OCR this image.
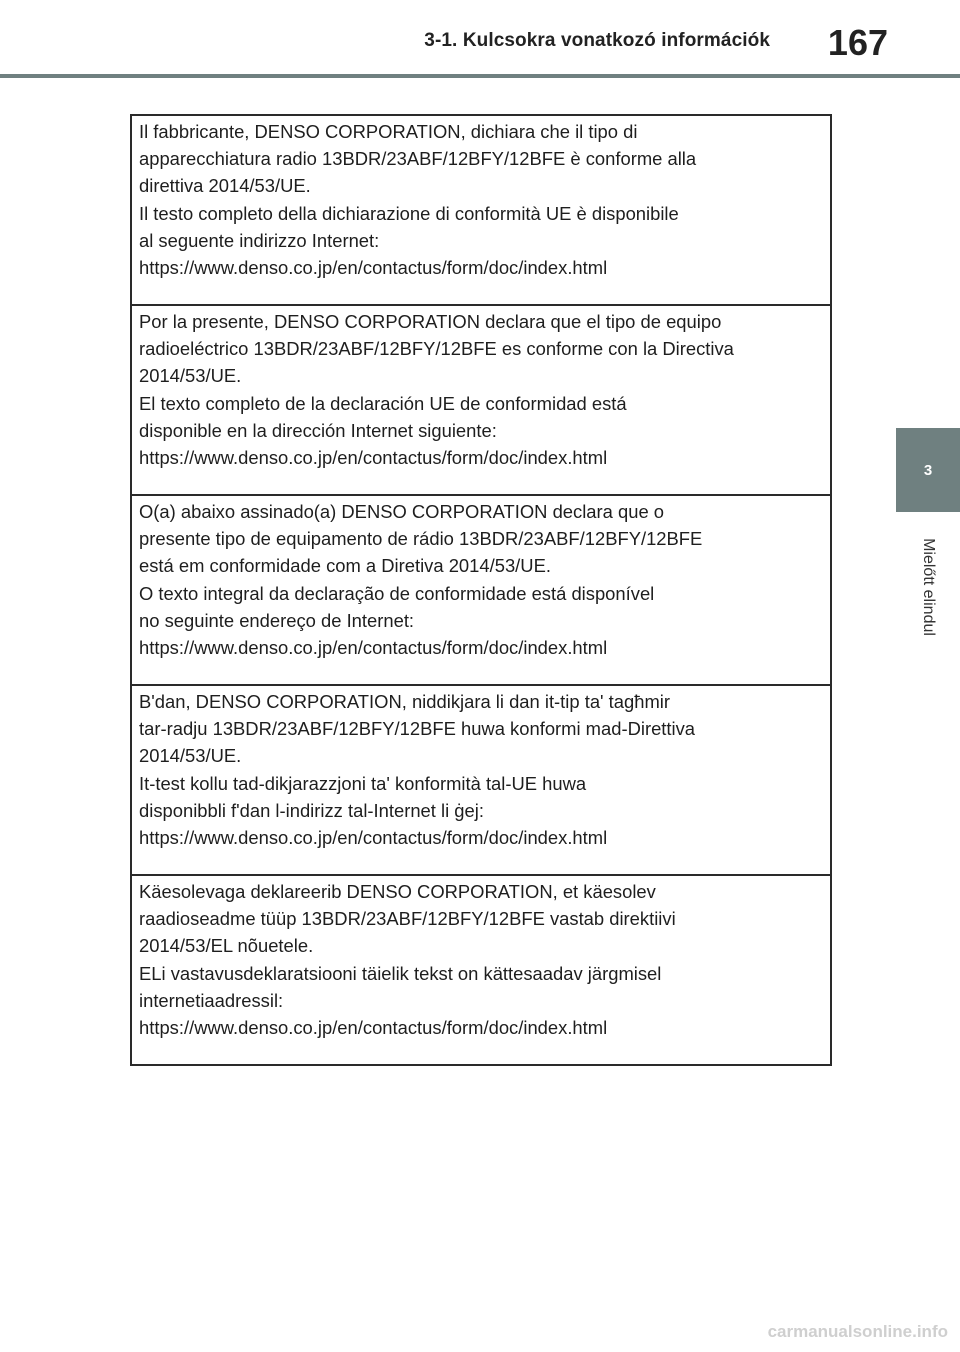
3-1. Kulcsokra vonatkozó információk 167
3
Mielőtt elindul
Il fabbricante, DENSO CORPORATION, dichiara che il tipo di
apparecchiatura radio 13BDR/23ABF/12BFY/12BFE è conforme alla
direttiva 2014/53/UE.
Il testo completo della dichiarazione di conformità UE è disponibile
al seguente indirizzo Internet:
https://www.denso.co.jp/en/contactus/form/doc/index.html
Por la presente, DENSO CORPORATION declara que el tipo de equipo
radioeléctrico 13BDR/23ABF/12BFY/12BFE es conforme con la Directiva
2014/53/UE.
El texto completo de la declaración UE de conformidad está
disponible en la dirección Internet siguiente:
https://www.denso.co.jp/en/contactus/form/doc/index.html
O(a) abaixo assinado(a) DENSO CORPORATION declara que o
presente tipo de equipamento de rádio 13BDR/23ABF/12BFY/12BFE
está em conformidade com a Diretiva 2014/53/UE.
O texto integral da declaração de conformidade está disponível
no seguinte endereço de Internet:
https://www.denso.co.jp/en/contactus/form/doc/index.html
B'dan, DENSO CORPORATION, niddikjara li dan it-tip ta' tagħmir
tar-radju 13BDR/23ABF/12BFY/12BFE huwa konformi mad-Direttiva
2014/53/UE.
It-test kollu tad-dikjarazzjoni ta' konformità tal-UE huwa
disponibbli f'dan l-indirizz tal-Internet li ġej:
https://www.denso.co.jp/en/contactus/form/doc/index.html
Käesolevaga deklareerib DENSO CORPORATION, et käesolev
raadioseadme tüüp 13BDR/23ABF/12BFY/12BFE vastab direktiivi
2014/53/EL nõuetele.
ELi vastavusdeklaratsiooni täielik tekst on kättesaadav järgmisel
internetiaadressil:
https://www.denso.co.jp/en/contactus/form/doc/index.html
carmanualsonline.info
